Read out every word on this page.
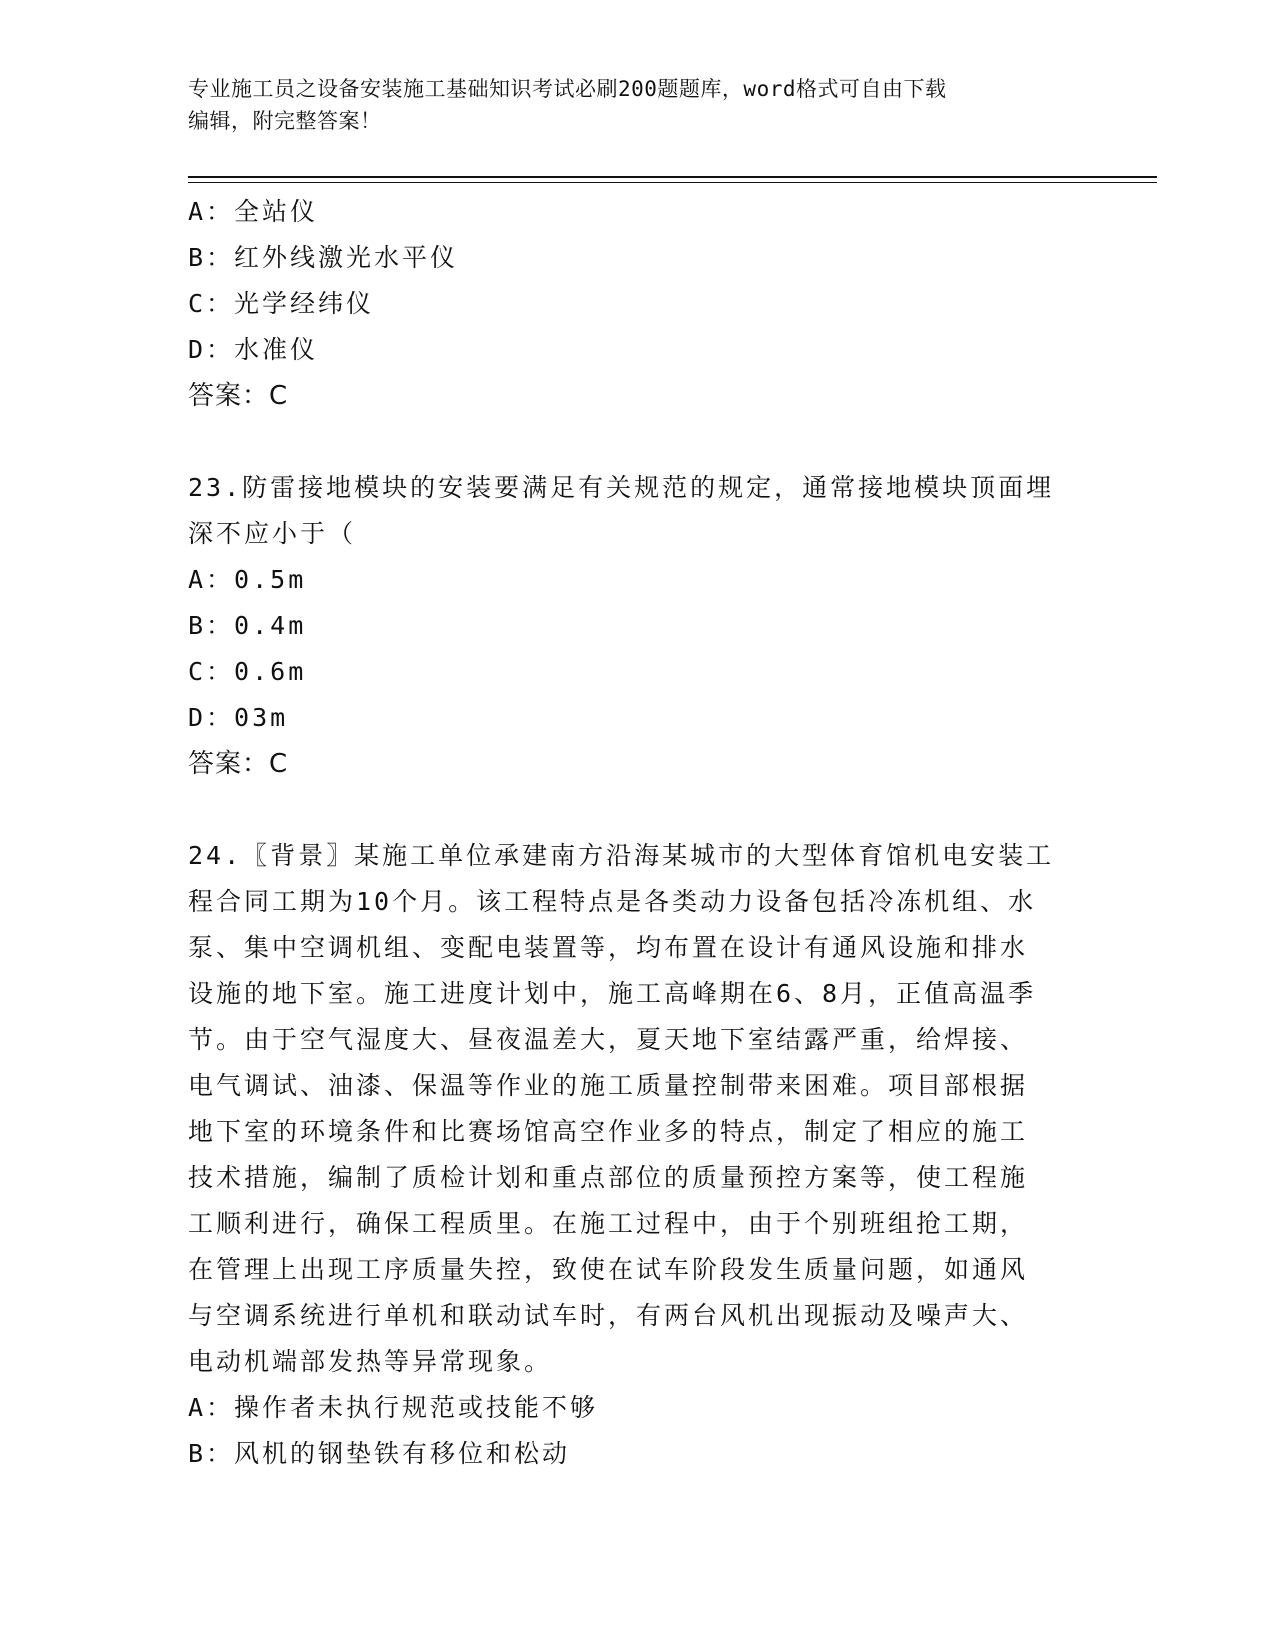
专业施工员之设备安装施工基础知识考试必刷200题题库，word格式可自由下载
编辑，附完整答案！
A：全站仪
B：红外线激光水平仪
C：光学经纬仪
D：水准仪
答案：C
23.防雷接地模块的安装要满足有关规范的规定，通常接地模块顶面埋
深不应小于（
A：0.5m
B：0.4m
C：0.6m
D：03m
答案：C
24.〖背景〗某施工单位承建南方沿海某城市的大型体育馆机电安装工
程合同工期为10个月。该工程特点是各类动力设备包括冷冻机组、水
泵、集中空调机组、变配电装置等，均布置在设计有通风设施和排水
设施的地下室。施工进度计划中，施工高峰期在6、8月，正值高温季
节。由于空气湿度大、昼夜温差大，夏天地下室结露严重，给焊接、
电气调试、油漆、保温等作业的施工质量控制带来困难。项目部根据
地下室的环境条件和比赛场馆高空作业多的特点，制定了相应的施工
技术措施，编制了质检计划和重点部位的质量预控方案等，使工程施
工顺利进行，确保工程质里。在施工过程中，由于个别班组抢工期，
在管理上出现工序质量失控，致使在试车阶段发生质量问题，如通风
与空调系统进行单机和联动试车时，有两台风机出现振动及噪声大、
电动机端部发热等异常现象。
A：操作者未执行规范或技能不够
B：风机的钢垫铁有移位和松动
